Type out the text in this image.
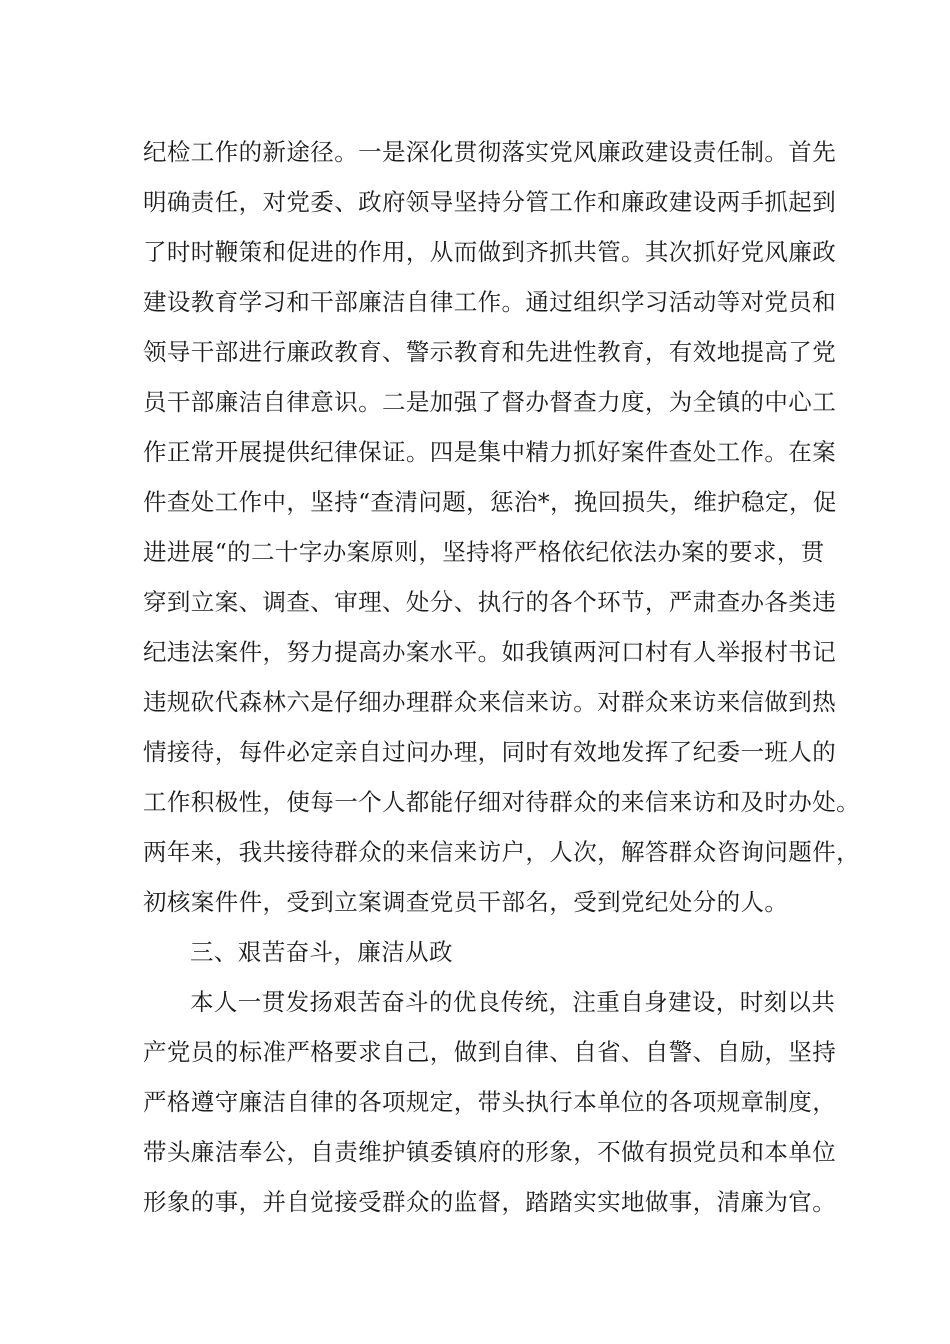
纪检工作的新途径。一是深化贯彻落实党风廉政建设责任制。首先
明确责任，对党委、政府领导坚持分管工作和廉政建设两手抓起到
了时时鞭策和促进的作用，从而做到齐抓共管。其次抓好党风廉政
建设教育学习和干部廉洁自律工作。通过组织学习活动等对党员和
领导干部进行廉政教育、警示教育和先进性教育，有效地提高了党
员干部廉洁自律意识。二是加强了督办督查力度，为全镇的中心工
作正常开展提供纪律保证。四是集中精力抓好案件查处工作。在案
件查处工作中，坚持“查清问题，惩治*，挽回损失，维护稳定，促
进进展“的二十字办案原则，坚持将严格依纪依法办案的要求，贯
穿到立案、调查、审理、处分、执行的各个环节，严肃查办各类违
纪违法案件，努力提高办案水平。如我镇两河口村有人举报村书记
违规砍代森林六是仔细办理群众来信来访。对群众来访来信做到热
情接待，每件必定亲自过问办理，同时有效地发挥了纪委一班人的
工作积极性，使每一个人都能仔细对待群众的来信来访和及时办处。
两年来，我共接待群众的来信来访户，人次，解答群众咨询问题件，
初核案件件，受到立案调查党员干部名，受到党纪处分的人。
三、艰苦奋斗，廉洁从政
本人一贯发扬艰苦奋斗的优良传统，注重自身建设，时刻以共
产党员的标准严格要求自己，做到自律、自省、自警、自励，坚持
严格遵守廉洁自律的各项规定，带头执行本单位的各项规章制度，
带头廉洁奉公，自责维护镇委镇府的形象，不做有损党员和本单位
形象的事，并自觉接受群众的监督，踏踏实实地做事，清廉为官。
